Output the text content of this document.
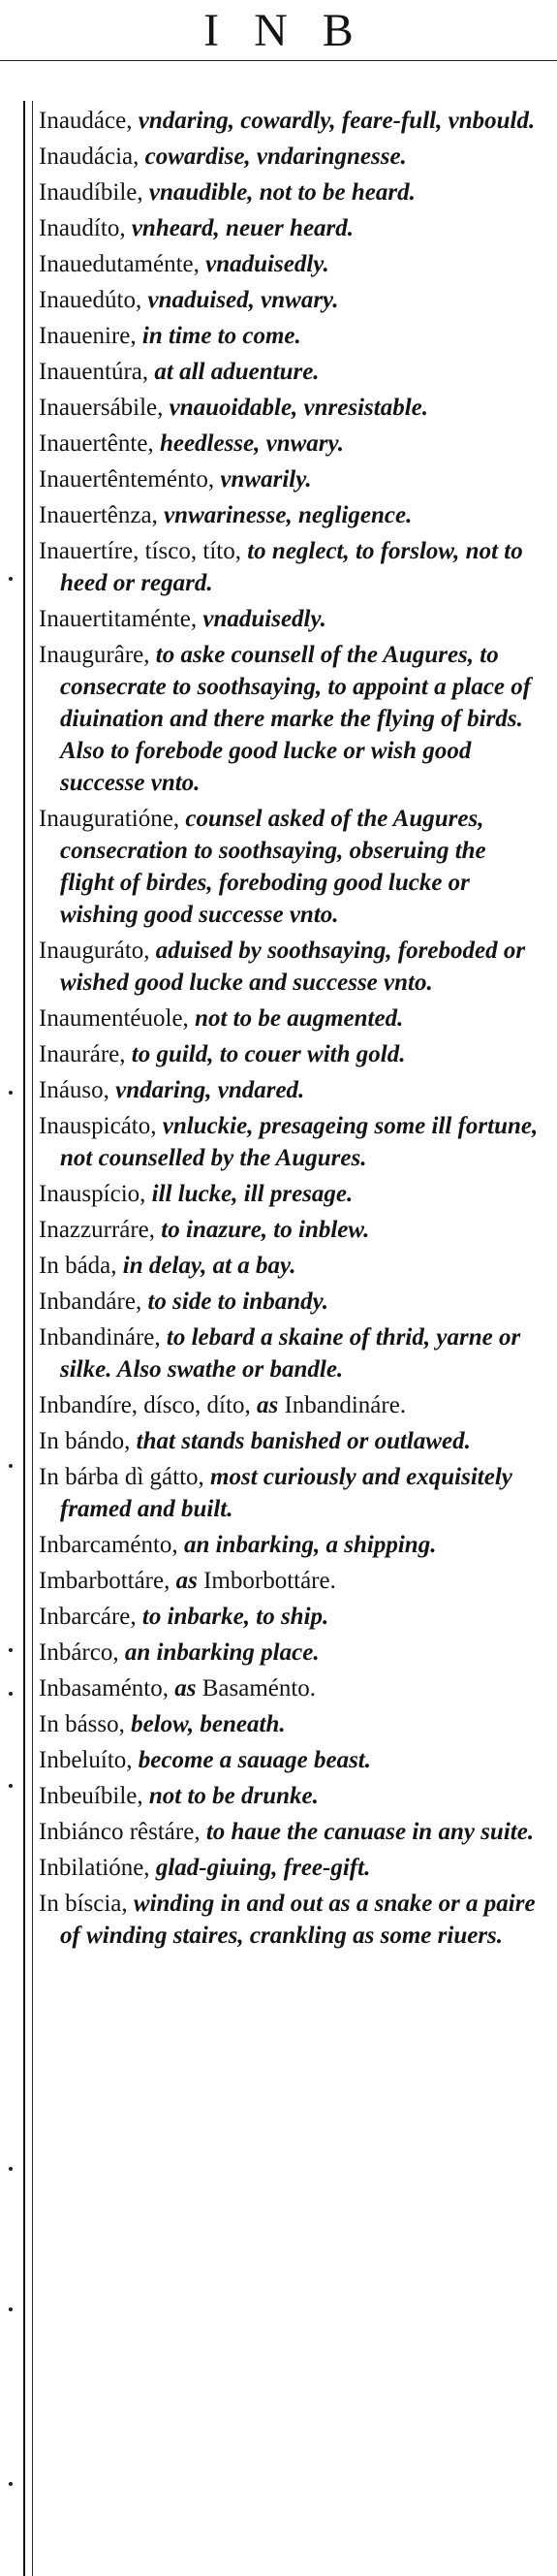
INB
Inaudáce, vndaring, cowardly, feare-full, vnbould.
Inaudácia, cowardise, vndaringnesse.
Inaudíbile, vnaudible, not to be heard.
Inaudíto, vnheard, neuer heard.
Inauedutaménte, vnaduisedly.
Inauedúto, vnaduised, vnwary.
Inauenire, in time to come.
Inauentúra, at all aduenture.
Inauersábile, vnauoidable, vnresistable.
Inauertênte, heedlesse, vnwary.
Inauertênteménto, vnwarily.
Inauertênza, vnwarinesse, negligence.
Inauertíre, tísco, títo, to neglect, to forslow, not to heed or regard.
Inauertitaménte, vnaduisedly.
Inaugurâre, to aske counsell of the Augures, to consecrate to soothsaying, to appoint a place of diuination and there marke the flying of birds. Also to forebode good lucke or wish good successe vnto.
Inauguratióne, counsel asked of the Augures, consecration to soothsaying, obseruing the flight of birdes, foreboding good lucke or wishing good successe vnto.
Inauguráto, aduised by soothsaying, foreboded or wished good lucke and successe vnto.
Inaumentéuole, not to be augmented.
Inauráre, to guild, to couer with gold.
Ináuso, vndaring, vndared.
Inauspicáto, vnluckie, presageing some ill fortune, not counselled by the Augures.
Inauspício, ill lucke, ill presage.
Inazzurráre, to inazure, to inblew.
In báda, in delay, at a bay.
Inbandáre, to side to inbandy.
Inbandináre, to lebard a skaine of thrid, yarne or silke. Also swathe or bandle.
Inbandíre, dísco, díto, as Inbandináre.
In bándo, that stands banished or outlawed.
In bárba dì gátto, most curiously and exquisitely framed and built.
Inbarcaménto, an inbarking, a shipping.
Imbarbottáre, as Imborbottáre.
Inbarcáre, to inbarke, to ship.
Inbárco, an inbarking place.
Inbasaménto, as Basaménto.
In básso, below, beneath.
Inbeluíto, become a sauage beast.
Inbeuíbile, not to be drunke.
Inbiánco rêstáre, to haue the canuase in any suite.
Inbilatióne, glad-giuing, free-gift.
In bíscia, winding in and out as a snake or a paire of winding staires, crankling as some riuers.
